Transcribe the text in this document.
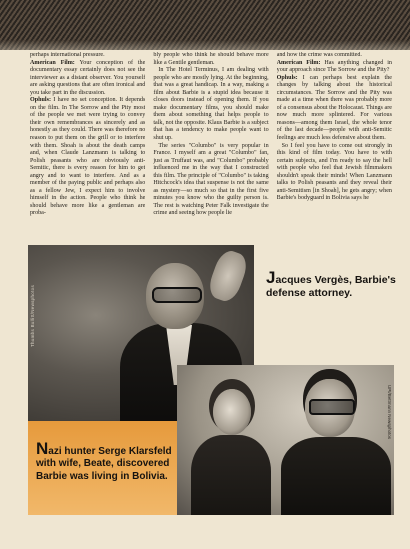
perhaps international pressure.

American Film: Your conception of the documentary essay certainly does not see the interviewer as a distant observer. You yourself are asking questions that are often ironical and you take part in the discussion.

Ophuls: I have no set conception. It depends on the film. In The Sorrow and the Pity most of the people we met were trying to convey their own remembrances as sincerely and as honestly as they could. There was therefore no reason to put them on the grill or to interfere with them. Shoah is about the death camps and, when Claude Lanzmann is talking to Polish peasants who are obviously anti-Semitic, there is every reason for him to get angry and to want to interfere. And as a member of the paying public and perhaps also as a fellow Jew, I expect him to involve himself in the action. People who think he should behave more like a gentleman are proba-

bly people who think he should behave more like a Gentile gentleman.

In The Hotel Terminus, I am dealing with people who are mostly lying. At the beginning, that was a great handicap. In a way, making a film about Barbie is a stupid idea because it closes doors instead of opening them. If you make documentary films, you should make them about something that helps people to talk, not the opposite. Klaus Barbie is a subject that has a tendency to make people want to shut up.

The series "Columbo" is very popular in France. I myself am a great "Columbo" fan, just as Truffaut was, and "Columbo" probably influenced me in the way that I constructed this film. The principle of "Columbo" is taking Hitchcock's idea that suspense is not the same as mystery—so much so that in the first five minutes you know who the guilty person is. The rest is watching Peter Falk investigate the crime and seeing how people lie

and how the crime was committed.

American Film: Has anything changed in your approach since The Sorrow and the Pity?

Ophuls: I can perhaps best explain the changes by talking about the historical circumstances. The Sorrow and the Pity was made at a time when there was probably more of a consensus about the Holocaust. Things are now much more splintered. For various reasons—among them Israel, the whole tenor of the last decade—people with anti-Semitic feelings are much less defensive about them.

So I feel you have to come out strongly in this kind of film today. You have to with certain subjects, and I'm ready to say the hell with people who feel that Jewish filmmakers shouldn't speak their minds! When Lanzmann talks to Polish peasants and they reveal their anti-Semitism [in Shoah], he gets angry; when Barbie's bodyguard in Bolivia says he

Thumbs Bullitt/Newsphotos
Jacques Vergès, Barbie's defense attorney.
UPI/Bettmann Newsphotos
Nazi hunter Serge Klarsfeld with wife, Beate, discovered Barbie was living in Bolivia.
